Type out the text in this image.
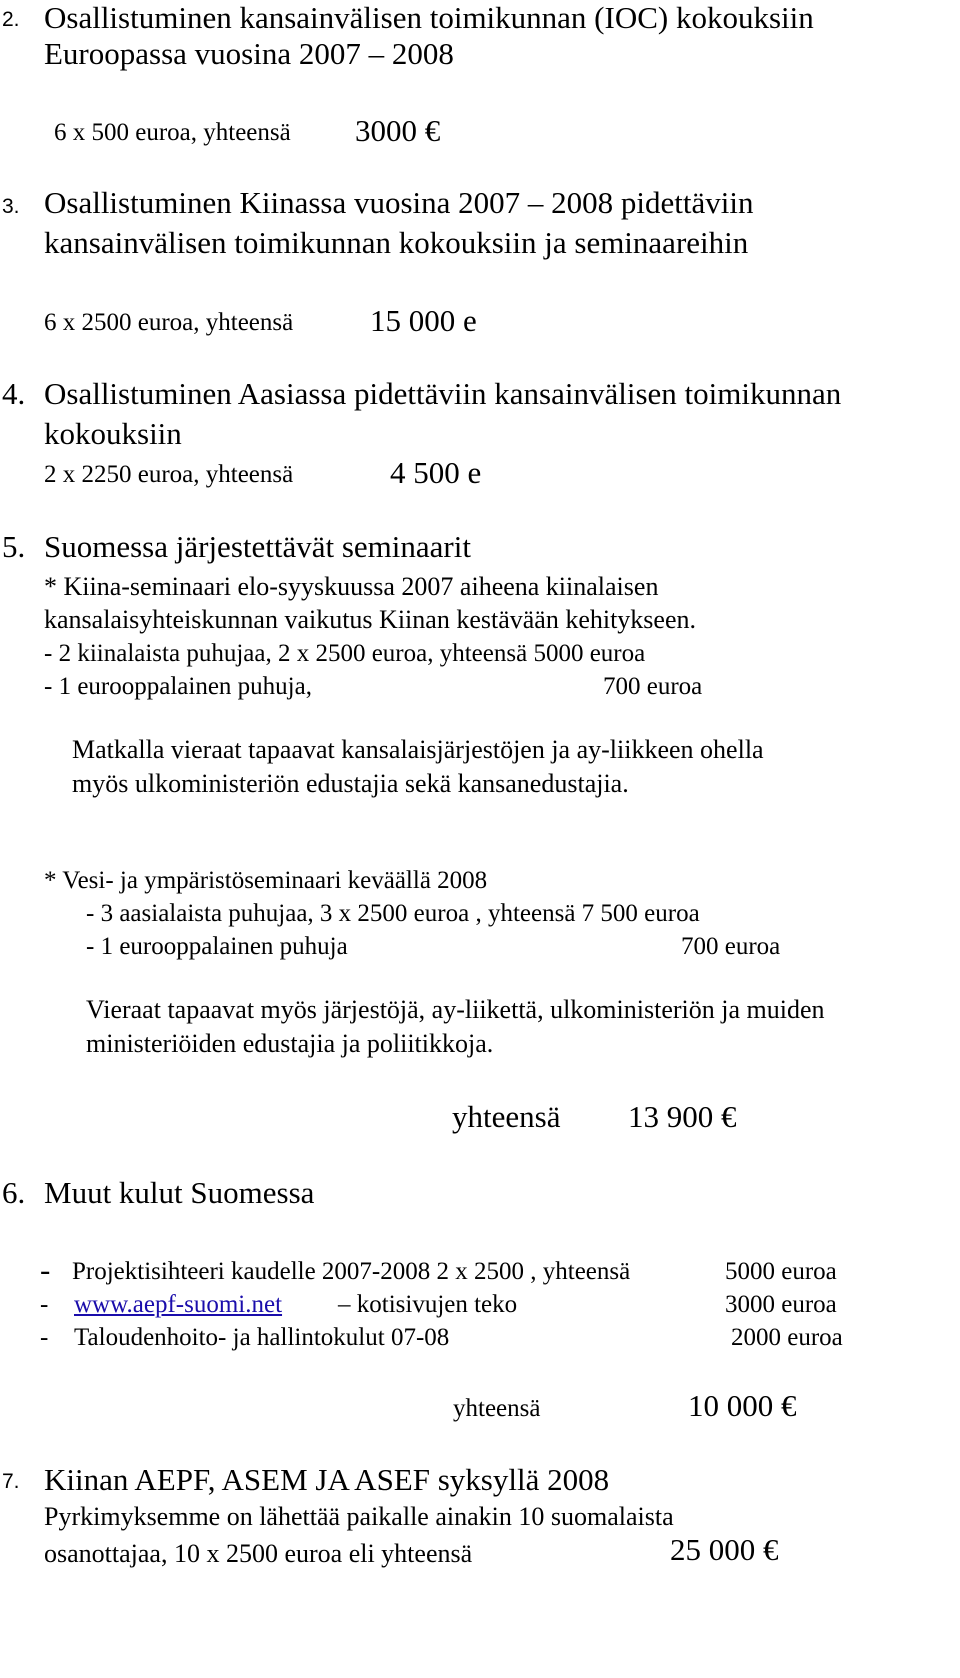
2. Osallistuminen kansainvälisen toimikunnan (IOC) kokouksiin
Euroopassa vuosina 2007 – 2008
6 x 500 euroa, yhteensä 3000 €
3. Osallistuminen Kiinassa vuosina 2007 – 2008 pidettäviin
kansainvälisen toimikunnan kokouksiin ja seminaareihin
6 x 2500 euroa, yhteensä 15 000 e
4. Osallistuminen Aasiassa pidettäviin kansainvälisen toimikunnan
kokouksiin
2 x 2250 euroa, yhteensä	4 500 e
5. Suomessa järjestettävät seminaarit
* Kiina-seminaari elo-syyskuussa 2007 aiheena kiinalaisen
kansalaisyhteiskunnan vaikutus Kiinan kestävään kehitykseen.
- 2 kiinalaista puhujaa, 2 x 2500 euroa, yhteensä 5000 euroa
- 1 eurooppalainen puhuja,	700 euroa
Matkalla vieraat tapaavat kansalaisjärjestöjen ja ay-liikkeen ohella
myös ulkoministeriön edustajia sekä kansanedustajia.
* Vesi- ja ympäristöseminaari keväällä 2008
- 3 aasialaista puhujaa, 3 x 2500 euroa , yhteensä 7 500 euroa
- 1 eurooppalainen puhuja	700 euroa
Vieraat tapaavat myös järjestöjä, ay-liikettä, ulkoministeriön ja muiden
ministeriöiden edustajia ja poliitikkoja.
yhteensä 13 900 €
6. Muut kulut Suomessa
- Projektisihteeri kaudelle 2007-2008 2 x 2500 , yhteensä	5000 euroa
- www.aepf-suomi.net – kotisivujen teko	3000 euroa
- Taloudenhoito- ja hallintokulut 07-08	2000 euroa
yhteensä	10 000 €
7. Kiinan AEPF, ASEM JA ASEF syksyllä 2008
Pyrkimyksemme on lähettää paikalle ainakin 10 suomalaista
osanottajaa, 10 x 2500 euroa eli yhteensä	25 000 €
